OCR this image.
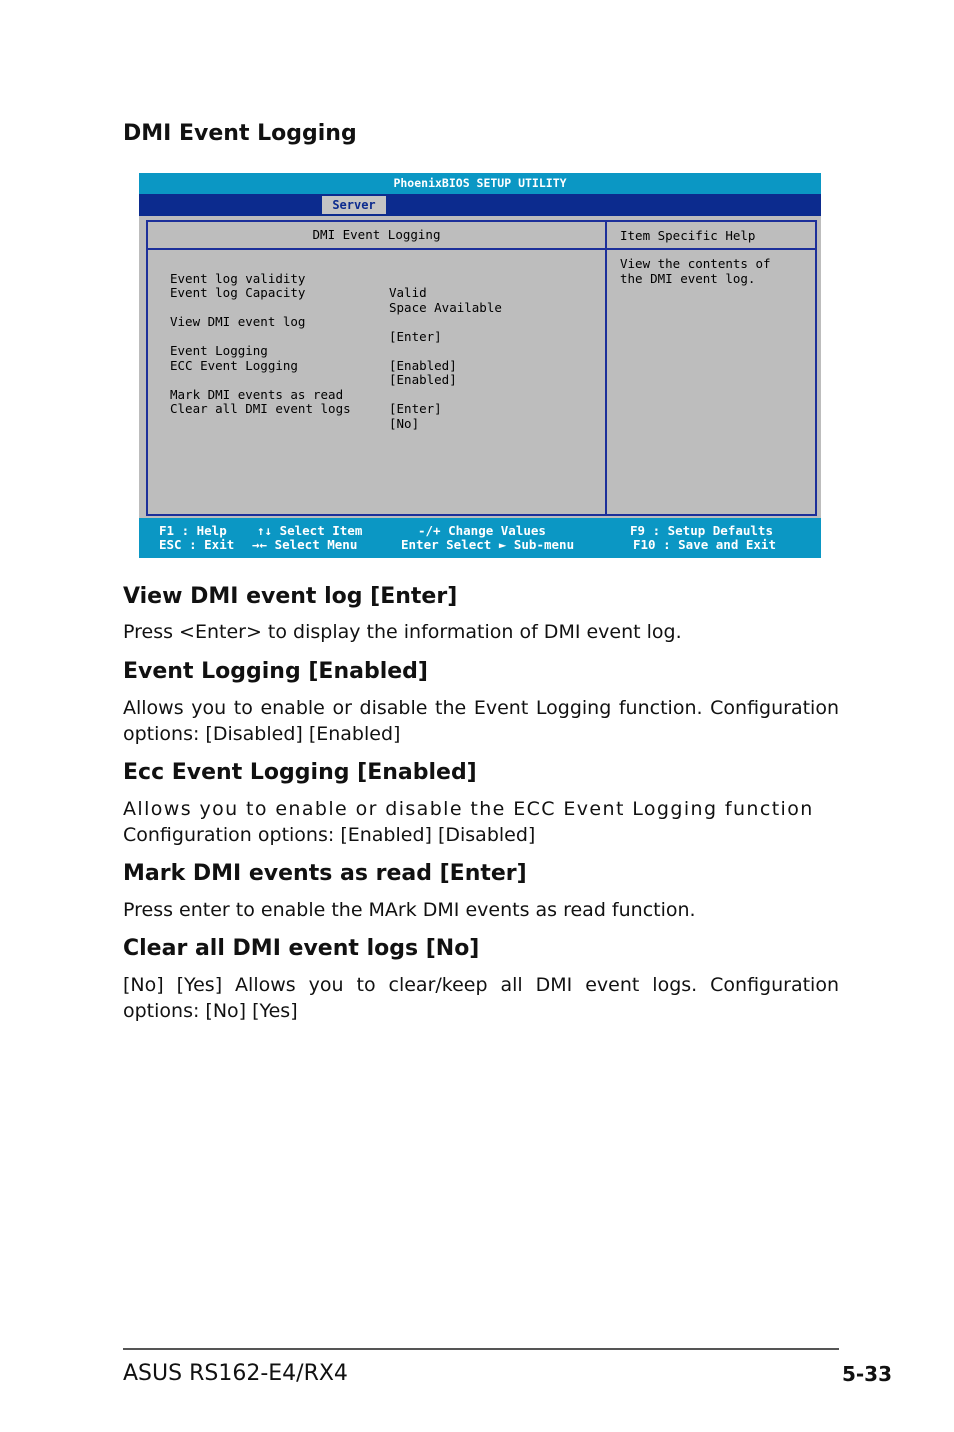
DMI Event Logging
PhoenixBIOS SETUP UTILITY
Server
DMI Event Logging	Item Specific Help
View the contents of
the DMI event log.

Event log validity

Valid

Event log Capacity

Space Available

View DMI event log

[Enter]

Event Logging

[Enabled]

ECC Event Logging

[Enabled]

Mark DMI events as read

[Enter]

Clear all DMI event logs

[No]

F1 : Help
ESC : Exit
↑↓ Select Item
→← Select Menu
-/+ Change Values
Enter Select ► Sub-menu
F9 : Setup Defaults
F10 : Save and Exit
View DMI event log [Enter]

Press <Enter> to display the information of DMI event log.

Event Logging [Enabled]

Allows you to enable or disable the Event Logging function. Configuration options: [Disabled] [Enabled]

Ecc Event Logging [Enabled]

Allows you to enable or disable the ECC Event Logging function

Configuration options: [Enabled] [Disabled]

Mark DMI events as read [Enter]

Press enter to enable the MArk DMI events as read function.

Clear all DMI event logs [No]

[No] [Yes] Allows you to clear/keep all DMI event logs. Configuration options: [No] [Yes]

ASUS RS162-E4/RX4	5-33
